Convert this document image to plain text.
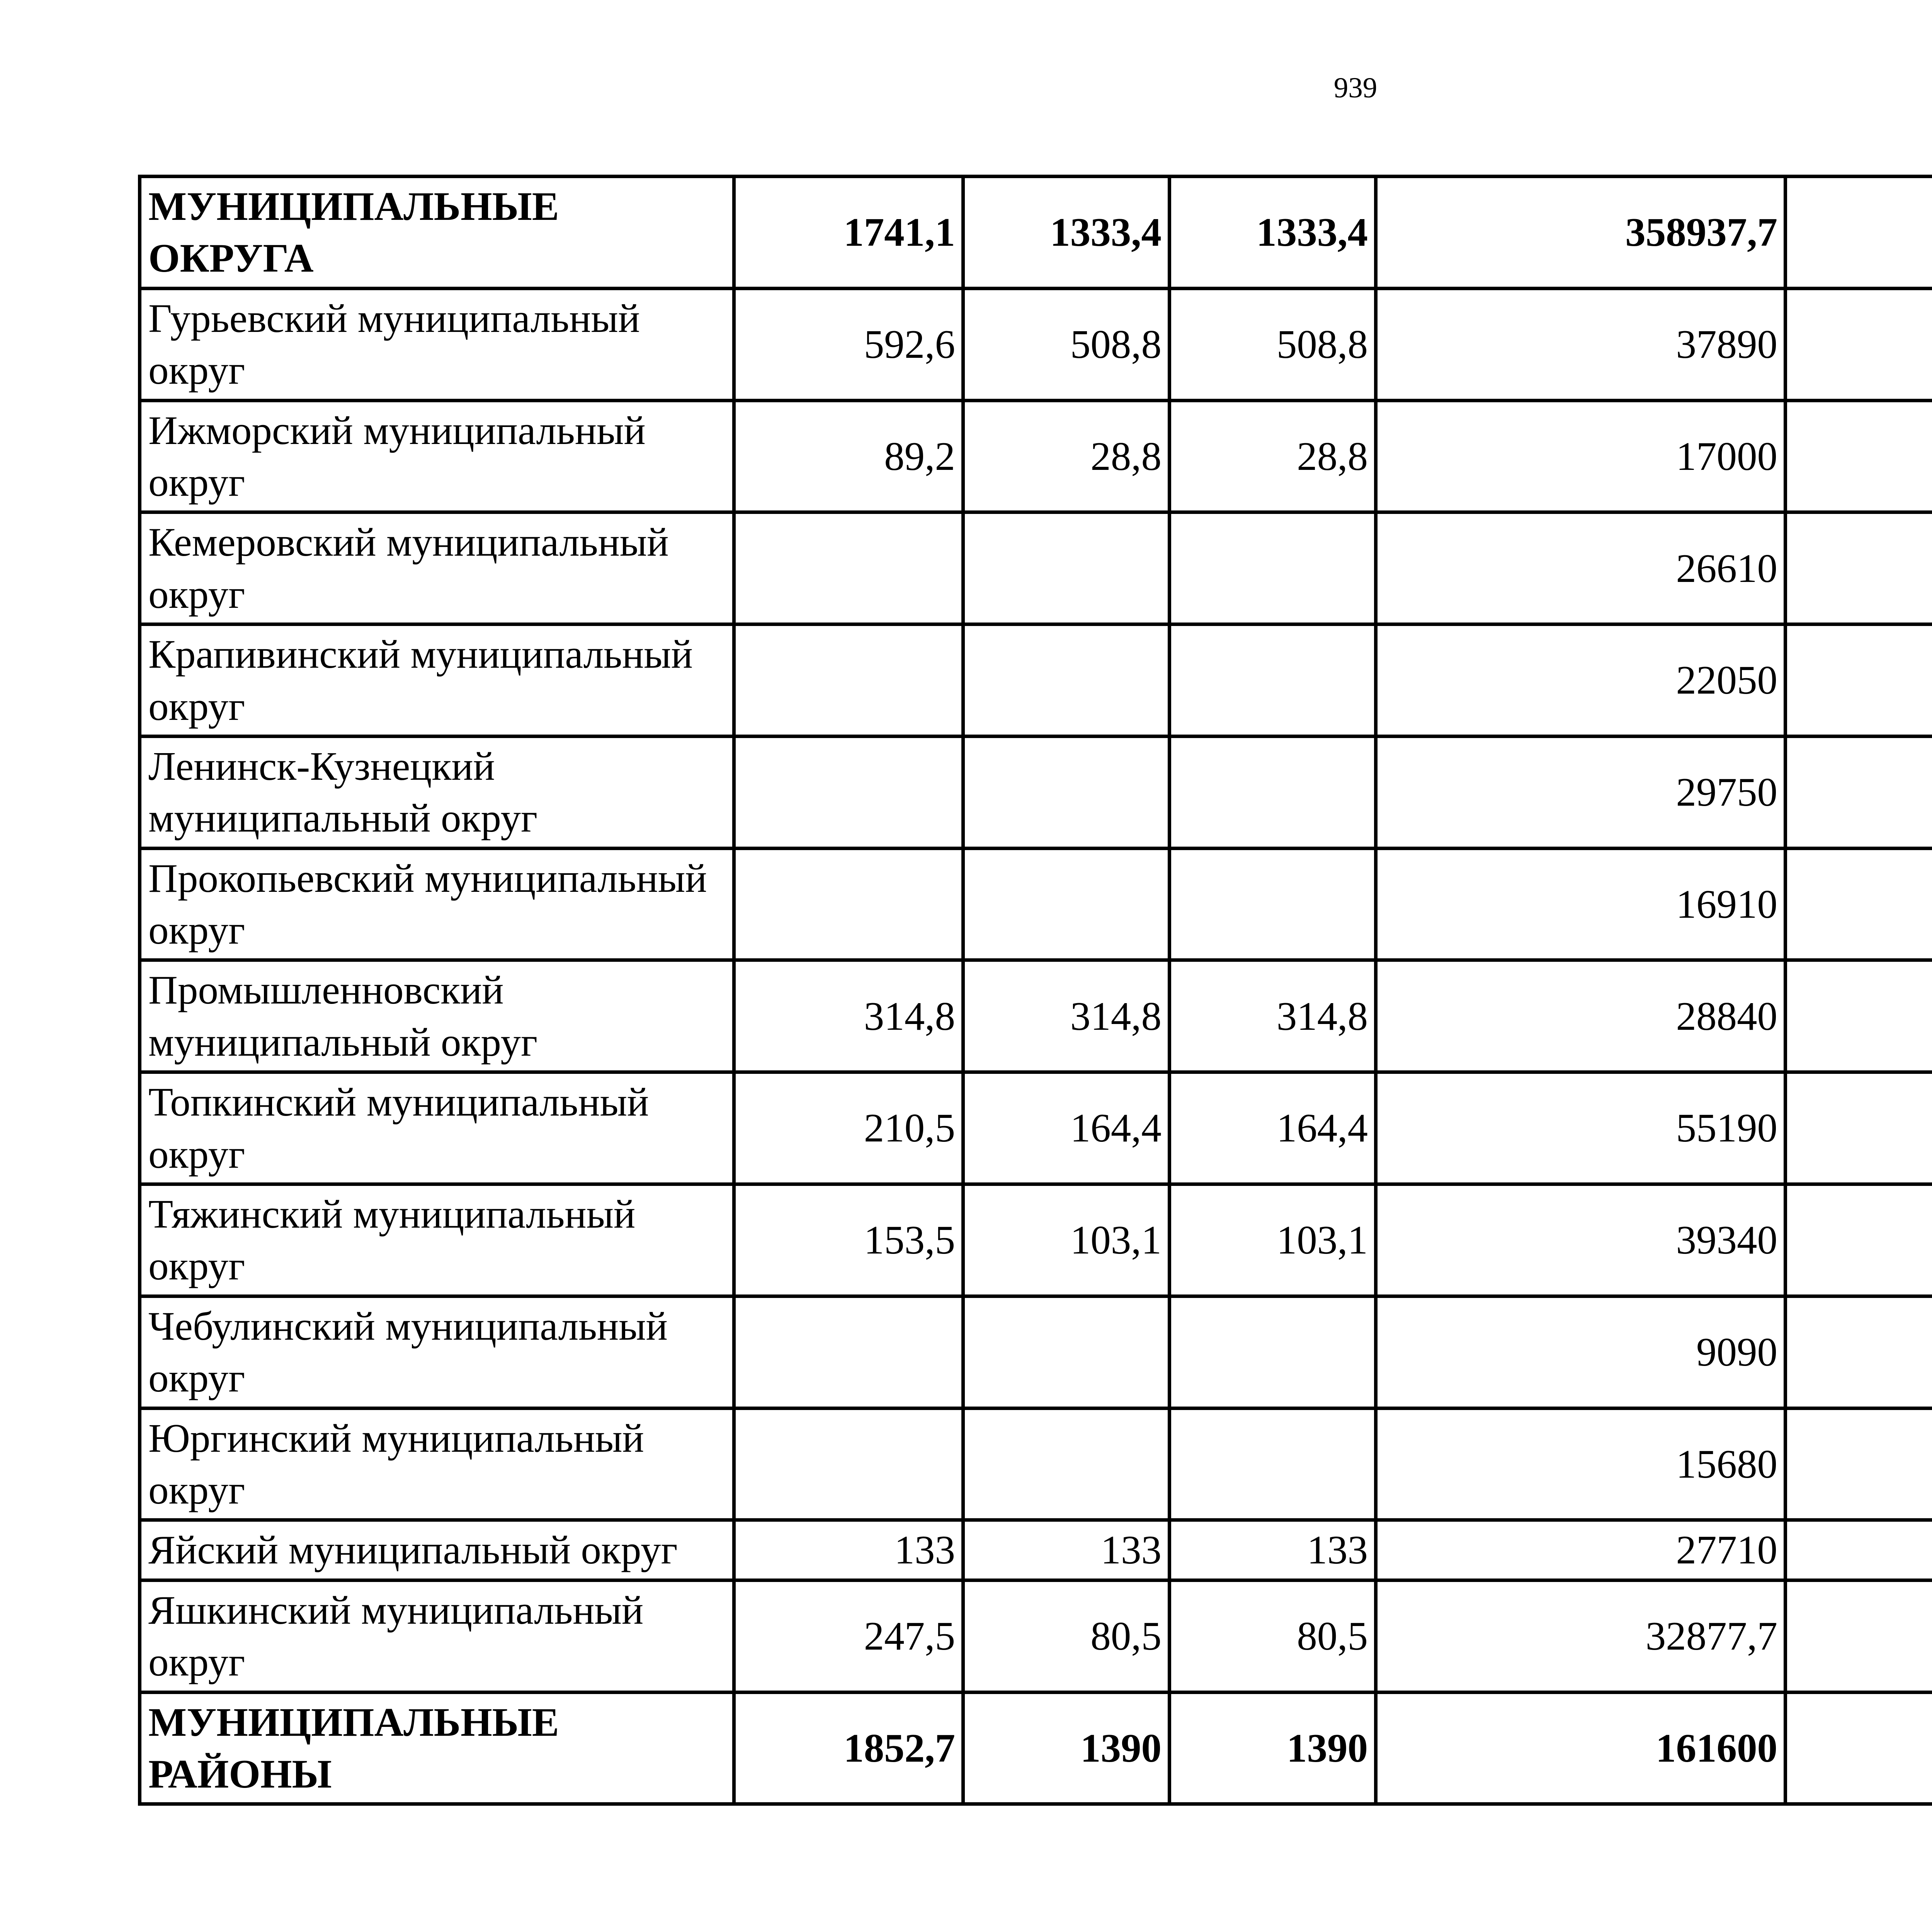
939
МУНИЦИПАЛЬНЫЕ ОКРУГА	1741,1	1333,4	1333,4	358937,7		
Гурьевский муниципальный округ	592,6	508,8	508,8	37890		
Ижморский муниципальный округ	89,2	28,8	28,8	17000		
Кемеровский муниципальный округ				26610		
Крапивинский муниципальный округ				22050		
Ленинск-Кузнецкий муниципальный округ				29750		
Прокопьевский муниципальный округ				16910		
Промышленновский муниципальный округ	314,8	314,8	314,8	28840		
Топкинский муниципальный округ	210,5	164,4	164,4	55190		
Тяжинский муниципальный округ	153,5	103,1	103,1	39340		
Чебулинский муниципальный округ				9090		
Юргинский муниципальный округ				15680		
Яйский муниципальный округ	133	133	133	27710		
Яшкинский муниципальный округ	247,5	80,5	80,5	32877,7		
МУНИЦИПАЛЬНЫЕ РАЙОНЫ	1852,7	1390	1390	161600		
